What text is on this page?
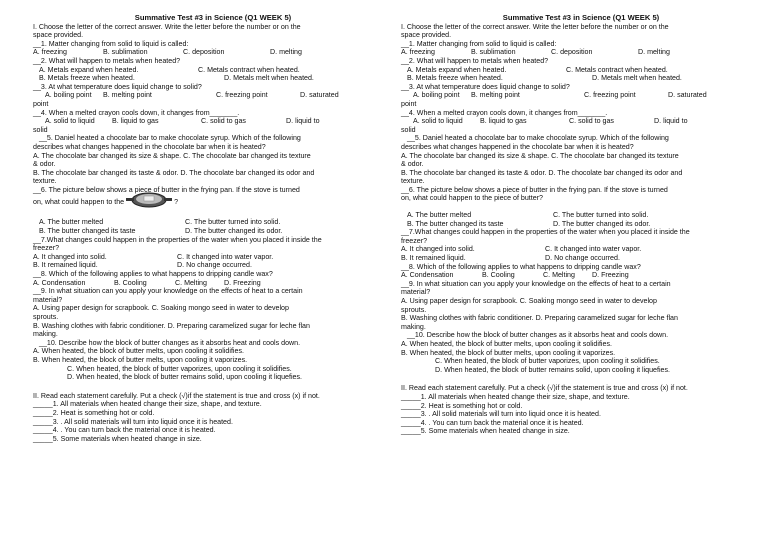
Summative Test #3 in Science (Q1 WEEK 5)
I. Choose the letter of the correct answer. Write the letter before the number or on the
space provided.
__1. Matter changing from solid to liquid is called:
A. freezing	B. sublimation	C. deposition	D. melting
__2. What will happen to metals when heated?
A. Metals expand when heated.	C. Metals contract when heated.
B. Metals freeze when heated.	D. Metals melt when heated.
__3. At what temperature does liquid change to solid?
A. boiling point	B. melting point	C. freezing point	D. saturated
point
__4. When a melted crayon cools down, it changes from_______.
A. solid to liquid	B. liquid to gas	C. solid to gas	D. liquid to
solid
__5. Daniel heated a chocolate bar to make chocolate syrup. Which of the following
describes what changes happened in the chocolate bar when it is heated?
A. The chocolate bar changed its size & shape. C. The chocolate bar changed its texture
& odor.
B. The chocolate bar changed its taste & odor. D. The chocolate bar changed its odor and
texture.
__6. The picture below shows a piece of butter in the frying pan. If the stove is turned
on, what could happen to the	?
A. The butter melted	C. The butter turned into solid.
B. The butter changed its taste	D. The butter changed its odor.
__7.What changes could happen in the properties of the water when you placed it inside the
freezer?
A. It changed into solid.	C. It changed into water vapor.
B. It remained liquid.	D. No change occurred.
__8. Which of the following applies to what happens to dripping candle wax?
A. Condensation	B. Cooling	C. Melting	D. Freezing
__9. In what situation can you apply your knowledge on the effects of heat to a certain
material?
A. Using paper design for scrapbook. C. Soaking mongo seed in water to develop
sprouts.
B. Washing clothes with fabric conditioner. D. Preparing caramelized sugar for leche flan
making.
__10. Describe how the block of butter changes as it absorbs heat and cools down.
A. When heated, the block of butter melts, upon cooling it solidifies.
B. When heated, the block of butter melts, upon cooling it vaporizes.
C. When heated, the block of butter vaporizes, upon cooling it solidifies.
D. When heated, the block of butter remains solid, upon cooling it liquefies.
II. Read each statement carefully. Put a check (√)if the statement is true and cross (x) if not.
_____1. All materials when heated change their size, shape, and texture.
_____2. Heat is something hot or cold.
_____3. . All solid materials will turn into liquid once it is heated.
_____4. . You can turn back the material once it is heated.
_____5. Some materials when heated change in size.
Summative Test #3 in Science (Q1 WEEK 5)
I. Choose the letter of the correct answer. Write the letter before the number or on the
space provided.
__1. Matter changing from solid to liquid is called:
A. freezing	B. sublimation	C. deposition	D. melting
__2. What will happen to metals when heated?
A. Metals expand when heated.	C. Metals contract when heated.
B. Metals freeze when heated.	D. Metals melt when heated.
__3. At what temperature does liquid change to solid?
A. boiling point	B. melting point	C. freezing point	D. saturated
point
__4. When a melted crayon cools down, it changes from_______.
A. solid to liquid	B. liquid to gas	C. solid to gas	D. liquid to
solid
__5. Daniel heated a chocolate bar to make chocolate syrup. Which of the following
describes what changes happened in the chocolate bar when it is heated?
A. The chocolate bar changed its size & shape. C. The chocolate bar changed its texture
& odor.
B. The chocolate bar changed its taste & odor. D. The chocolate bar changed its odor and
texture.
__6. The picture below shows a piece of butter in the frying pan. If the stove is turned
on, what could happen to the piece of butter?
A. The butter melted	C. The butter turned into solid.
B. The butter changed its taste	D. The butter changed its odor.
__7.What changes could happen in the properties of the water when you placed it inside the
freezer?
A. It changed into solid.	C. It changed into water vapor.
B. It remained liquid.	D. No change occurred.
__8. Which of the following applies to what happens to dripping candle wax?
A. Condensation	B. Cooling	C. Melting	D. Freezing
__9. In what situation can you apply your knowledge on the effects of heat to a certain
material?
A. Using paper design for scrapbook. C. Soaking mongo seed in water to develop
sprouts.
B. Washing clothes with fabric conditioner. D. Preparing caramelized sugar for leche flan
making.
__10. Describe how the block of butter changes as it absorbs heat and cools down.
A. When heated, the block of butter melts, upon cooling it solidifies.
B. When heated, the block of butter melts, upon cooling it vaporizes.
C. When heated, the block of butter vaporizes, upon cooling it solidifies.
D. When heated, the block of butter remains solid, upon cooling it liquefies.
II. Read each statement carefully. Put a check (√)if the statement is true and cross (x) if not.
_____1. All materials when heated change their size, shape, and texture.
_____2. Heat is something hot or cold.
_____3. . All solid materials will turn into liquid once it is heated.
_____4. . You can turn back the material once it is heated.
_____5. Some materials when heated change in size.
